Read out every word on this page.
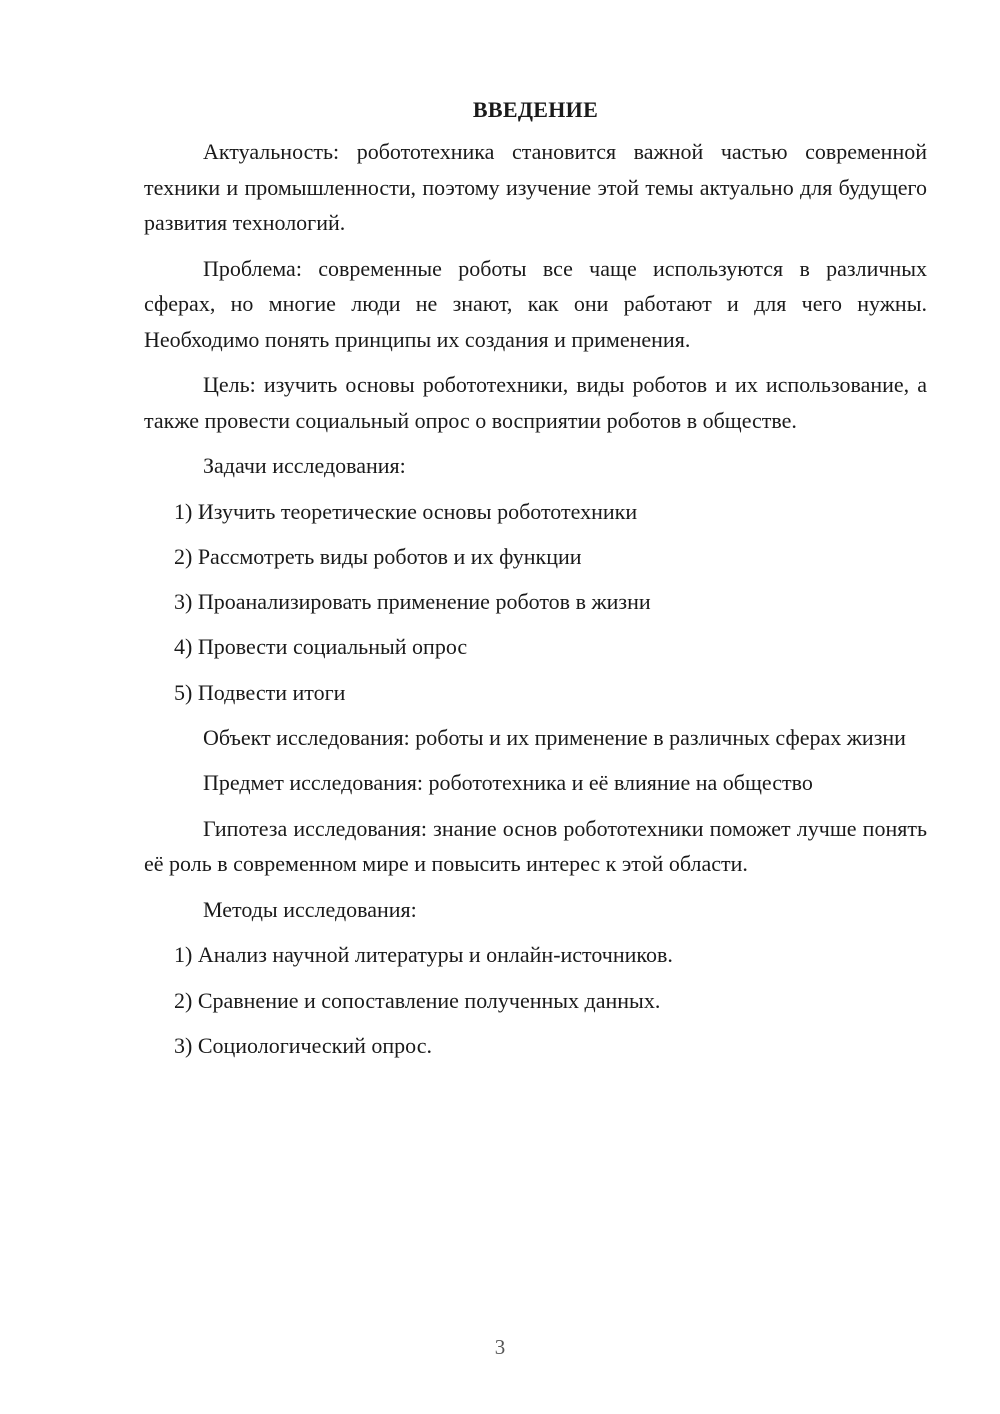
ВВЕДЕНИЕ

Актуальность: робототехника становится важной частью современной техники и промышленности, поэтому изучение этой темы актуально для будущего развития технологий.

Проблема: современные роботы все чаще используются в различных сферах, но многие люди не знают, как они работают и для чего нужны. Необходимо понять принципы их создания и применения.

Цель: изучить основы робототехники, виды роботов и их использование, а также провести социальный опрос о восприятии роботов в обществе.

Задачи исследования:

1) Изучить теоретические основы робототехники
2) Рассмотреть виды роботов и их функции
3) Проанализировать применение роботов в жизни
4) Провести социальный опрос
5) Подвести итоги

Объект исследования: роботы и их применение в различных сферах жизни

Предмет исследования: робототехника и её влияние на общество

Гипотеза исследования: знание основ робототехники поможет лучше понять её роль в современном мире и повысить интерес к этой области.

Методы исследования:

1) Анализ научной литературы и онлайн-источников.
2) Сравнение и сопоставление полученных данных.
3) Социологический опрос.
3
